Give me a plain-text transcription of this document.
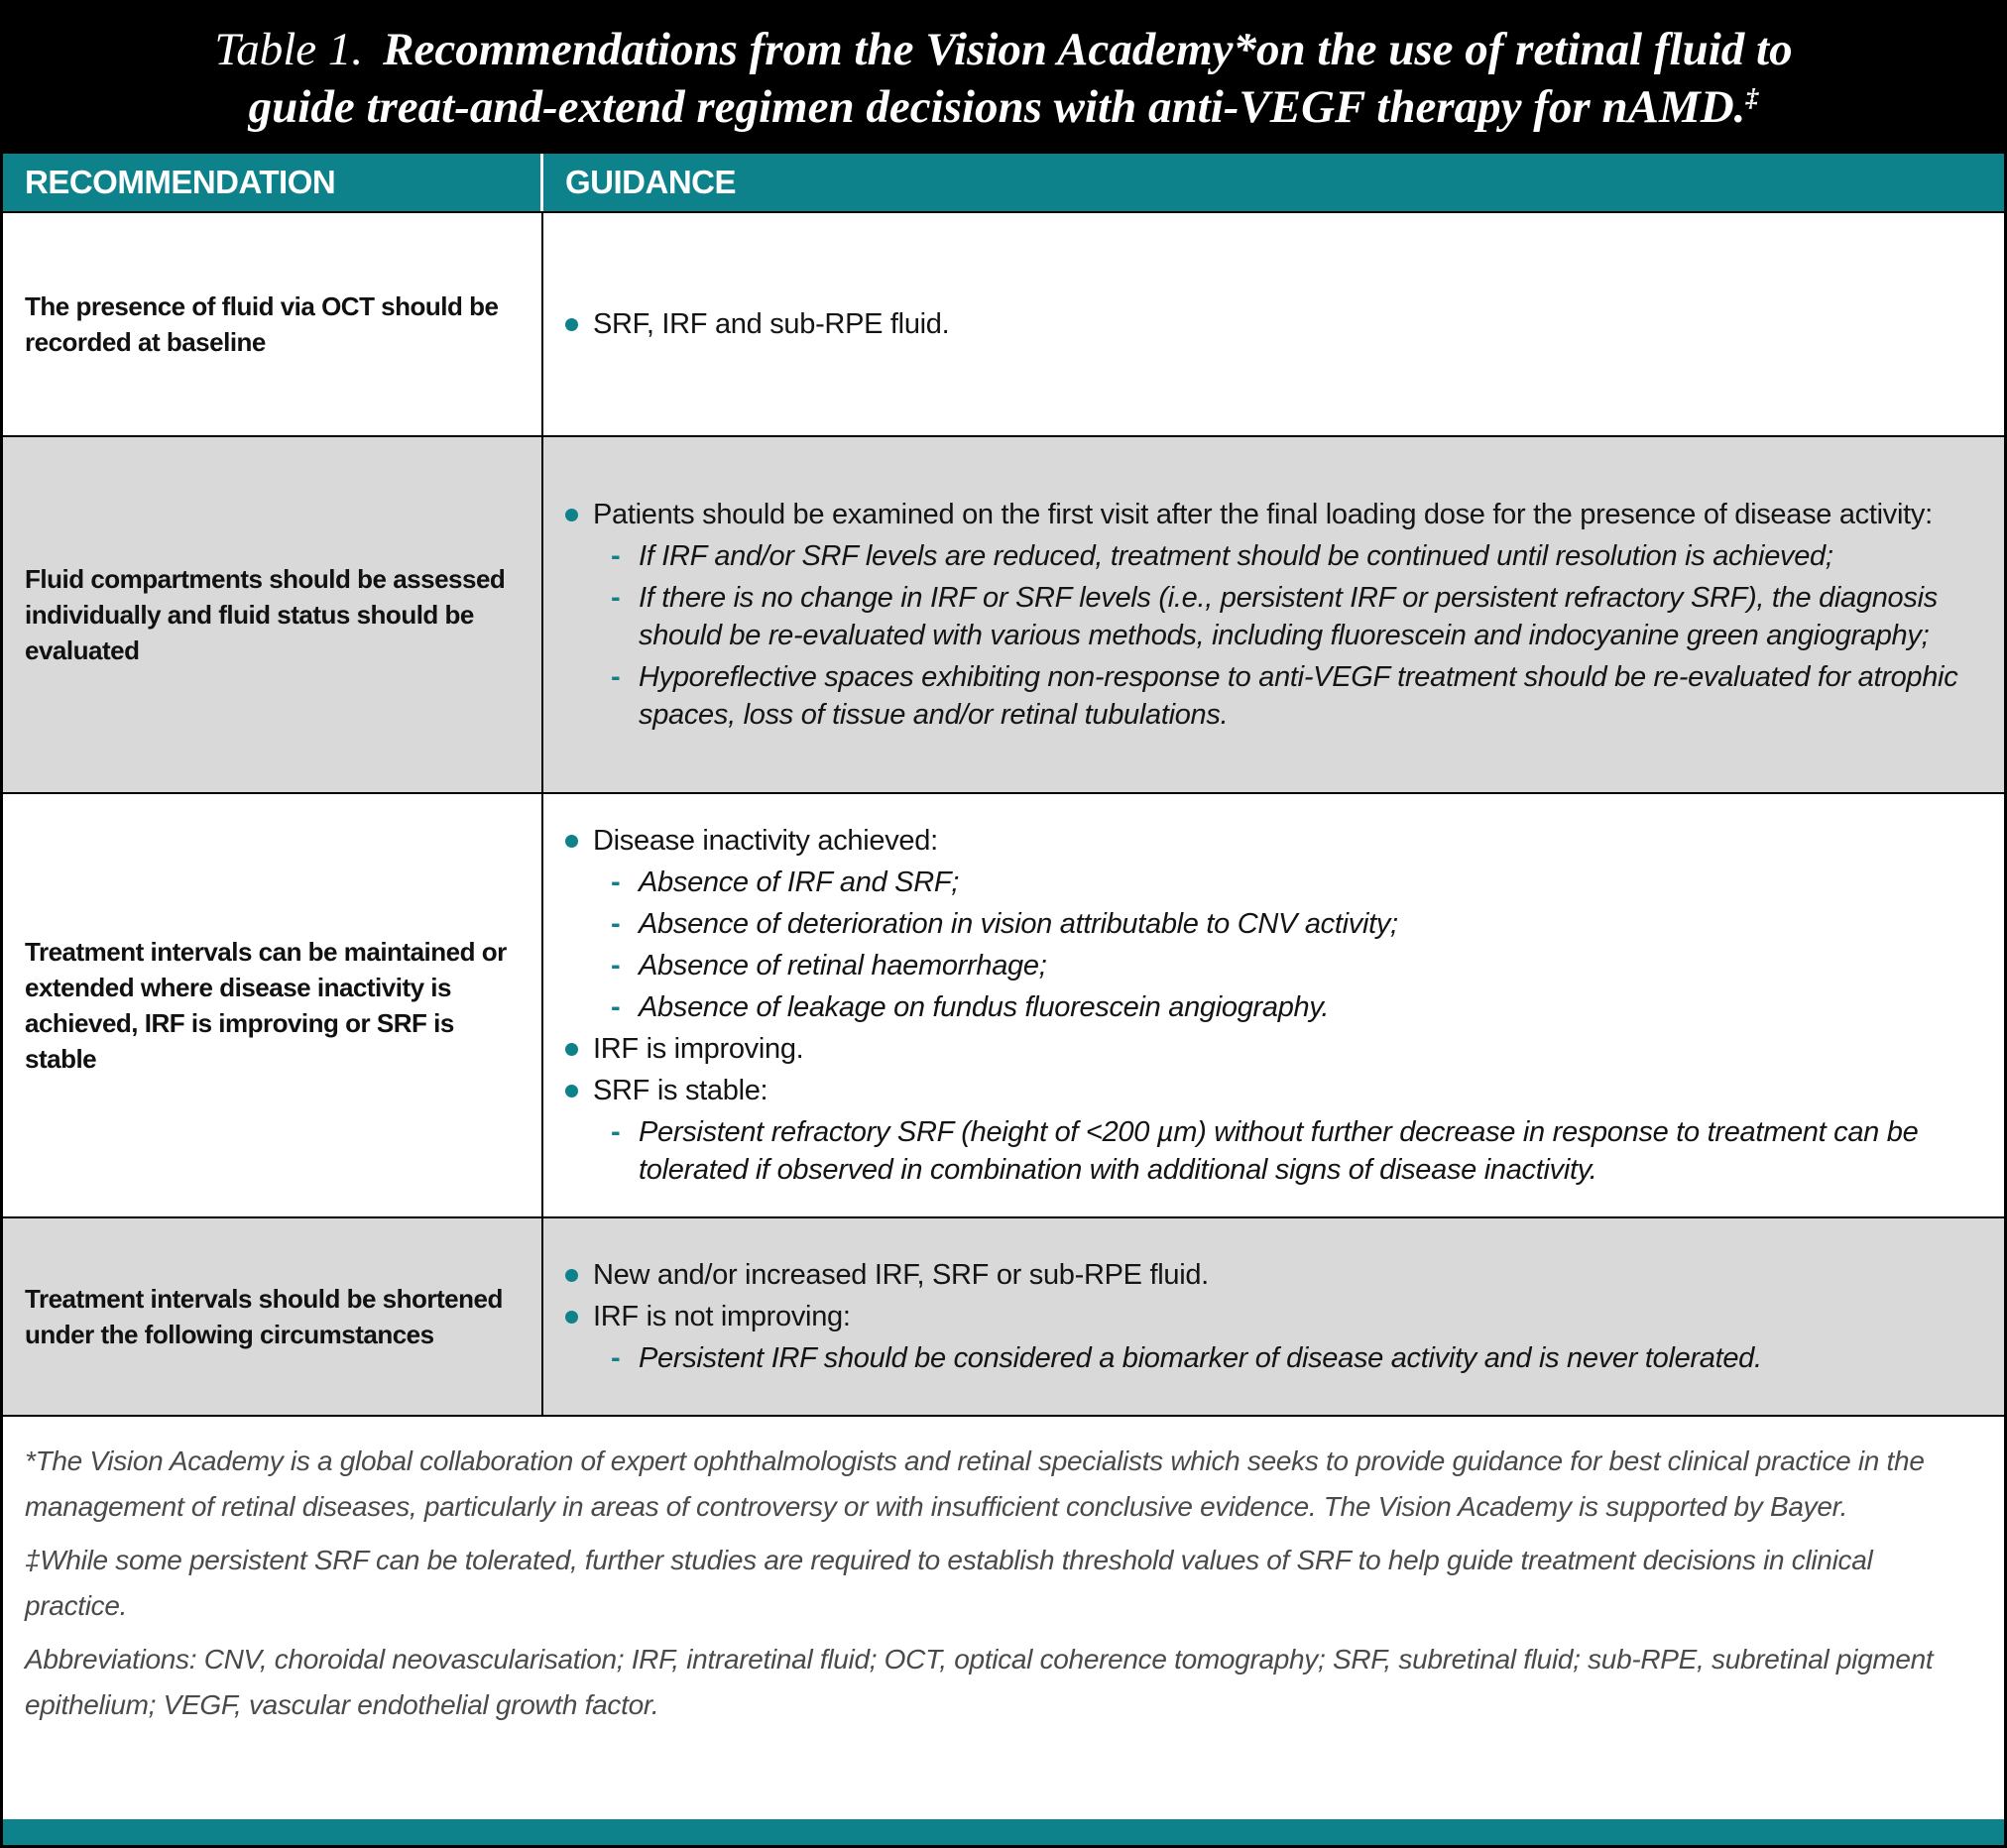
Table 1. Recommendations from the Vision Academy*on the use of retinal fluid to guide treat-and-extend regimen decisions with anti-VEGF therapy for nAMD.‡
RECOMMENDATION	GUIDANCE

The presence of fluid via OCT should be recorded at baseline

SRF, IRF and sub-RPE fluid.

Fluid compartments should be assessed individually and fluid status should be evaluated

Patients should be examined on the first visit after the final loading dose for the presence of disease activity:
- If IRF and/or SRF levels are reduced, treatment should be continued until resolution is achieved;
- If there is no change in IRF or SRF levels (i.e., persistent IRF or persistent refractory SRF), the diagnosis should be re-evaluated with various methods, including fluorescein and indocyanine green angiography;
- Hyporeflective spaces exhibiting non-response to anti-VEGF treatment should be re-evaluated for atrophic spaces, loss of tissue and/or retinal tubulations.

Treatment intervals can be maintained or extended where disease inactivity is achieved, IRF is improving or SRF is stable

Disease inactivity achieved:
- Absence of IRF and SRF;
- Absence of deterioration in vision attributable to CNV activity;
- Absence of retinal haemorrhage;
- Absence of leakage on fundus fluorescein angiography.
IRF is improving.
SRF is stable:
- Persistent refractory SRF (height of <200 µm) without further decrease in response to treatment can be tolerated if observed in combination with additional signs of disease inactivity.

Treatment intervals should be shortened under the following circumstances

New and/or increased IRF, SRF or sub-RPE fluid.
IRF is not improving:
- Persistent IRF should be considered a biomarker of disease activity and is never tolerated.

*The Vision Academy is a global collaboration of expert ophthalmologists and retinal specialists which seeks to provide guidance for best clinical practice in the management of retinal diseases, particularly in areas of controversy or with insufficient conclusive evidence. The Vision Academy is supported by Bayer.

‡While some persistent SRF can be tolerated, further studies are required to establish threshold values of SRF to help guide treatment decisions in clinical practice.

Abbreviations: CNV, choroidal neovascularisation; IRF, intraretinal fluid; OCT, optical coherence tomography; SRF, subretinal fluid; sub-RPE, subretinal pigment epithelium; VEGF, vascular endothelial growth factor.
